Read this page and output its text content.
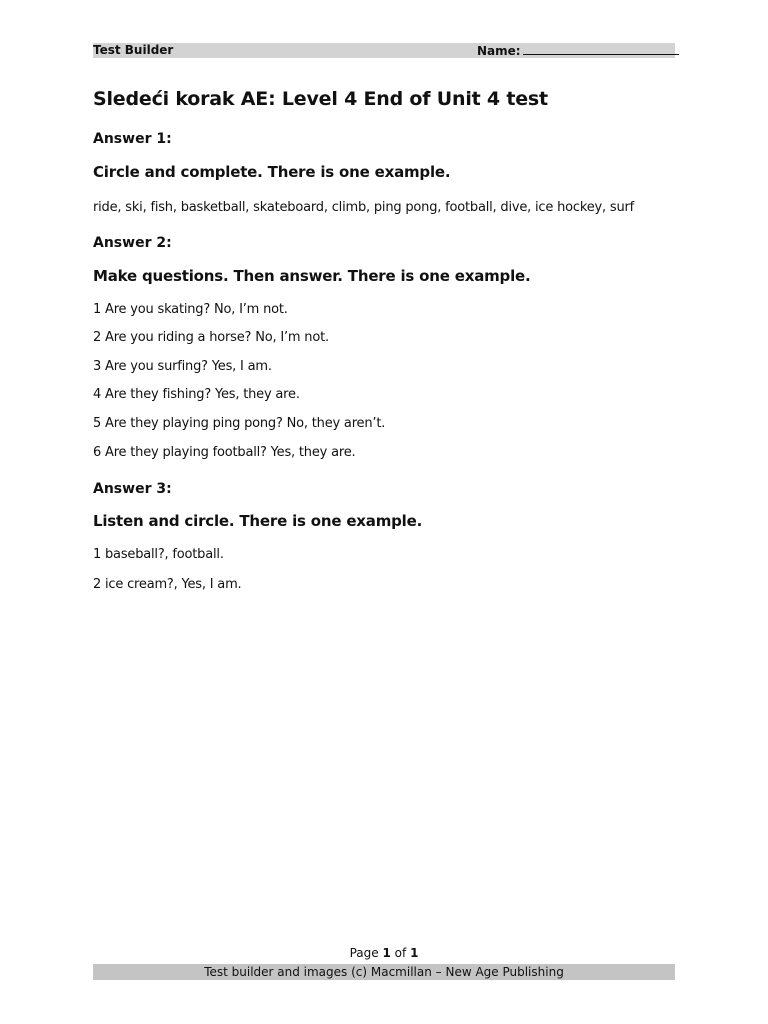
Test Builder	Name:
Sledeći korak AE: Level 4 End of Unit 4 test
Answer 1:
Circle and complete. There is one example.
ride, ski, fish, basketball, skateboard, climb, ping pong, football, dive, ice hockey, surf
Answer 2:
Make questions. Then answer. There is one example.
1 Are you skating? No, I’m not.
2 Are you riding a horse? No, I’m not.
3 Are you surfing? Yes, I am.
4 Are they fishing? Yes, they are.
5 Are they playing ping pong? No, they aren’t.
6 Are they playing football? Yes, they are.
Answer 3:
Listen and circle. There is one example.
1 baseball?, football.
2 ice cream?, Yes, I am.
Page 1 of 1
Test builder and images (c) Macmillan – New Age Publishing
